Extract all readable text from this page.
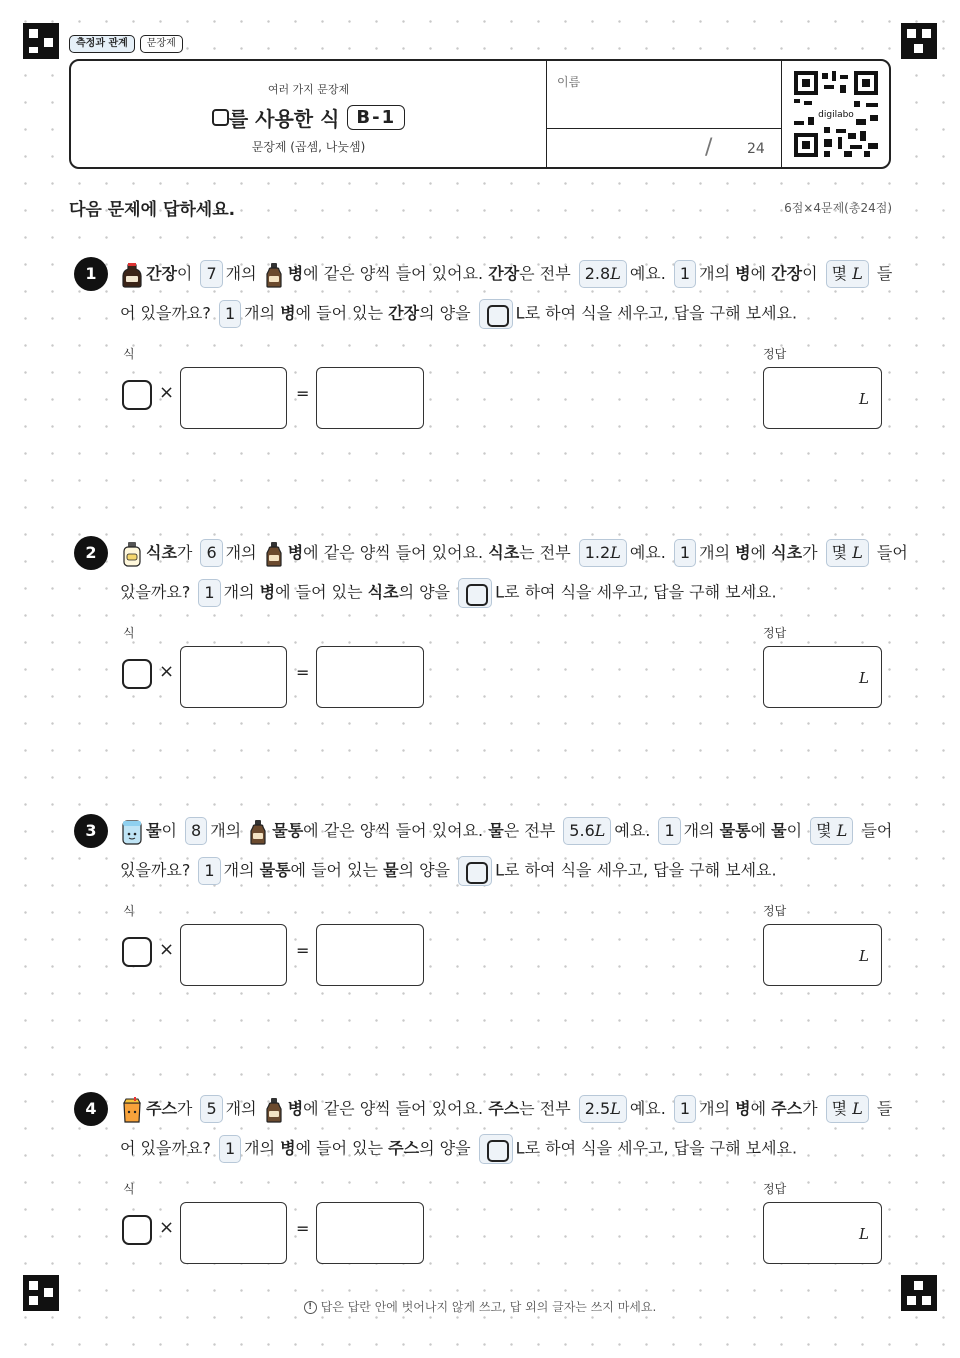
측정과 관계	문장제
여러 가지 문장제
를 사용한 식 B-1
문장제 (곱셈, 나눗셈)
이름
/ 24
digilabo
다음 문제에 답하세요.	6점×4문제(총24점)
1	간장이 7 개의 병에 같은 양씩 들어 있어요. 간장은 전부 2.8L 예요. 1 개의 병에 간장이 몇 L 들
어 있을까요? 1 개의 병에 들어 있는 간장의 양을	L로 하여 식을 세우고, 답을 구해 보세요.
식	정답
×	=	L
2	식초가 6 개의 병에 같은 양씩 들어 있어요. 식초는 전부 1.2L 예요. 1 개의 병에 식초가 몇 L 들어
있을까요? 1 개의 병에 들어 있는 식초의 양을	L로 하여 식을 세우고, 답을 구해 보세요.
식	정답
×	=	L
3	물이 8 개의 물통에 같은 양씩 들어 있어요. 물은 전부 5.6L 예요. 1 개의 물통에 물이 몇 L 들어
있을까요? 1 개의 물통에 들어 있는 물의 양을	L로 하여 식을 세우고, 답을 구해 보세요.
식	정답
×	=	L
4	주스가 5 개의 병에 같은 양씩 들어 있어요. 주스는 전부 2.5L 예요. 1 개의 병에 주스가 몇 L 들
어 있을까요? 1 개의 병에 들어 있는 주스의 양을	L로 하여 식을 세우고, 답을 구해 보세요.
식	정답
×	=	L
! 답은 답란 안에 벗어나지 않게 쓰고, 답 외의 글자는 쓰지 마세요.
